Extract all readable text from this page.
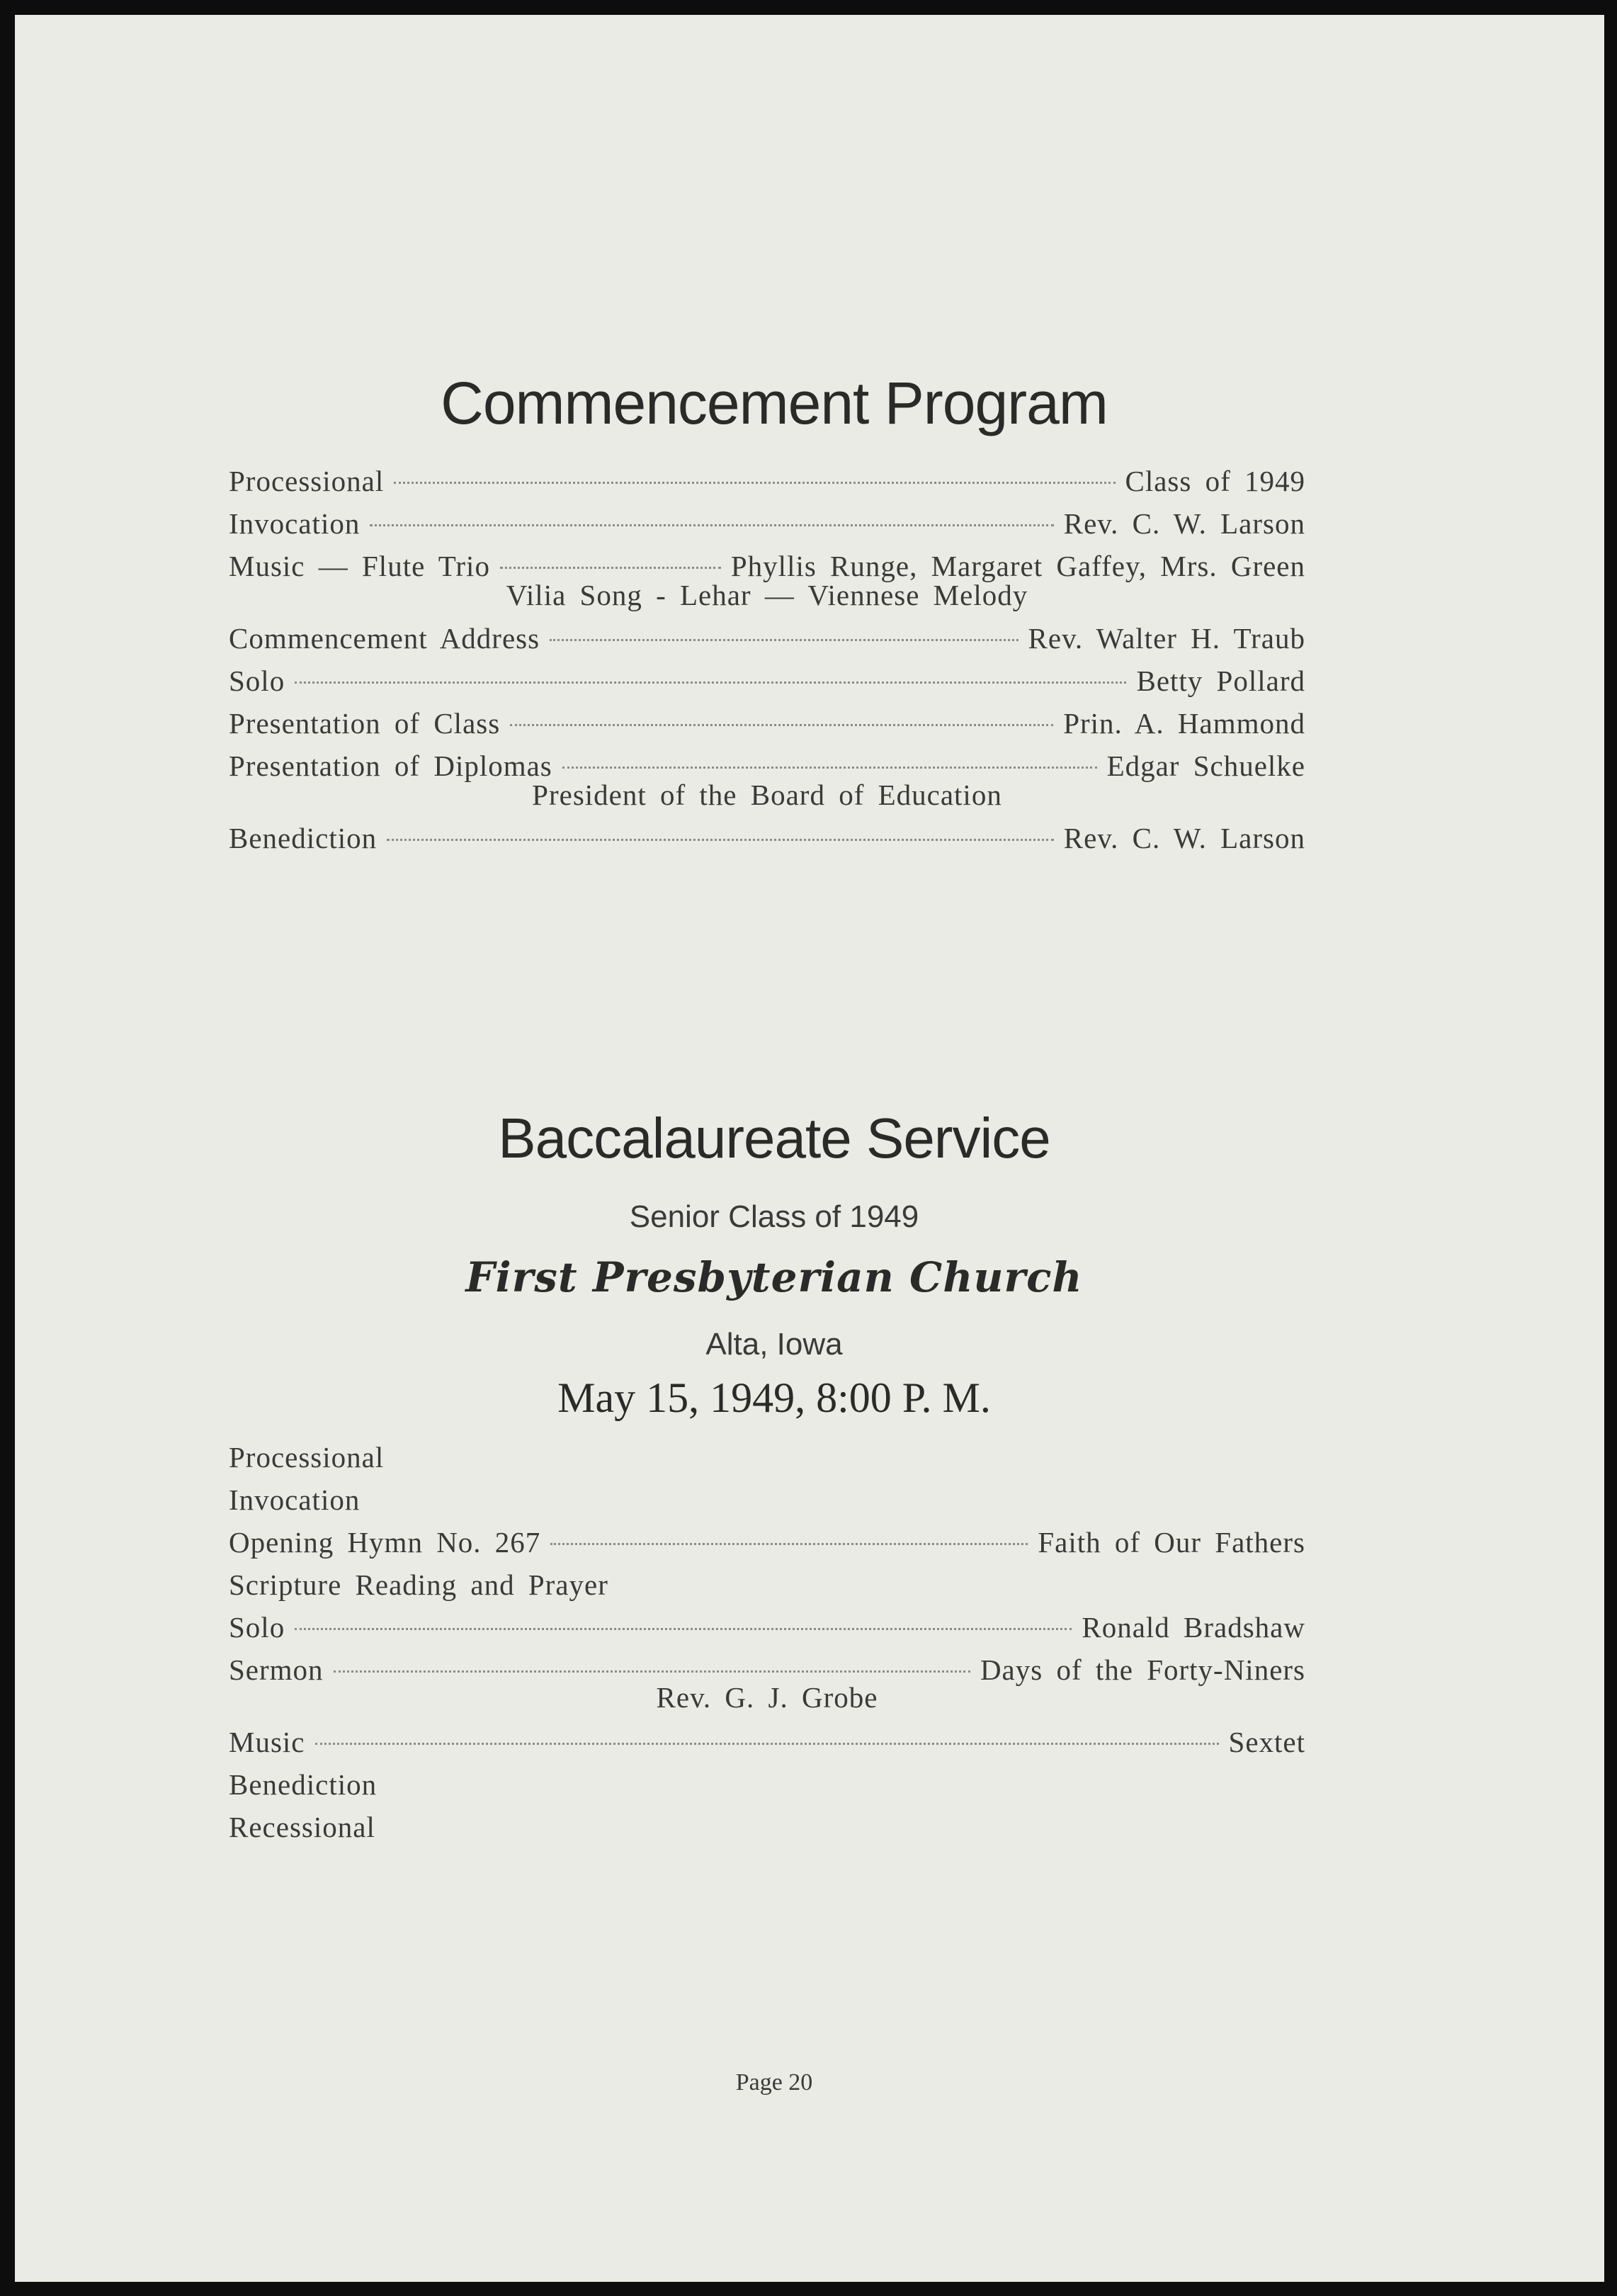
Commencement Program
Processional	Class of 1949
Invocation	Rev. C. W. Larson
Music — Flute Trio	Phyllis Runge, Margaret Gaffey, Mrs. Green
Vilia Song - Lehar — Viennese Melody
Commencement Address	Rev. Walter H. Traub
Solo	Betty Pollard
Presentation of Class	Prin. A. Hammond
Presentation of Diplomas	Edgar Schuelke
President of the Board of Education
Benediction	Rev. C. W. Larson
Baccalaureate Service
Senior Class of 1949
First Presbyterian Church
Alta, Iowa
May 15, 1949, 8:00 P. M.
Processional
Invocation
Opening Hymn No. 267	Faith of Our Fathers
Scripture Reading and Prayer
Solo	Ronald Bradshaw
Sermon	Days of the Forty-Niners
Rev. G. J. Grobe
Music	Sextet
Benediction
Recessional
Page 20
